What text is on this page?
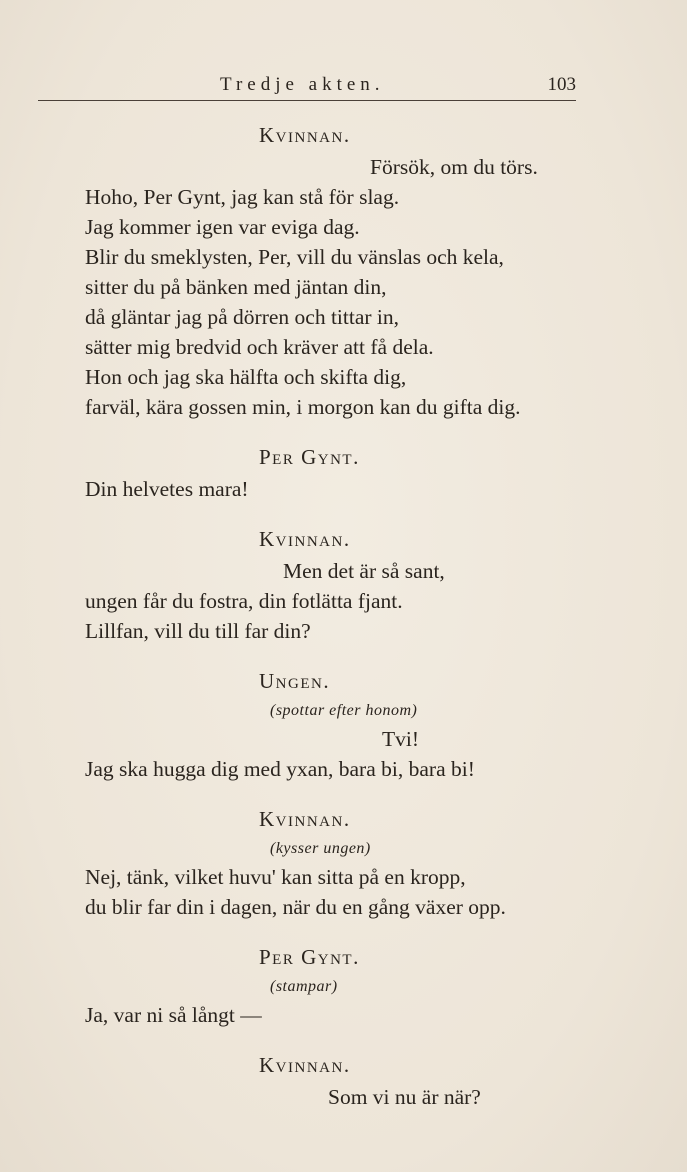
Tredje akten.	103
Kvinnan.
Försök, om du törs.
Hoho, Per Gynt, jag kan stå för slag.
Jag kommer igen var eviga dag.
Blir du smeklysten, Per, vill du vänslas och kela,
sitter du på bänken med jäntan din,
då gläntar jag på dörren och tittar in,
sätter mig bredvid och kräver att få dela.
Hon och jag ska hälfta och skifta dig,
farväl, kära gossen min, i morgon kan du gifta dig.
Per Gynt.
Din helvetes mara!
Kvinnan.
Men det är så sant,
ungen får du fostra, din fotlätta fjant.
Lillfan, vill du till far din?
Ungen.
(spottar efter honom)
Tvi!
Jag ska hugga dig med yxan, bara bi, bara bi!
Kvinnan.
(kysser ungen)
Nej, tänk, vilket huvu' kan sitta på en kropp,
du blir far din i dagen, när du en gång växer opp.
Per Gynt.
(stampar)
Ja, var ni så långt —
Kvinnan.
Som vi nu är när?
